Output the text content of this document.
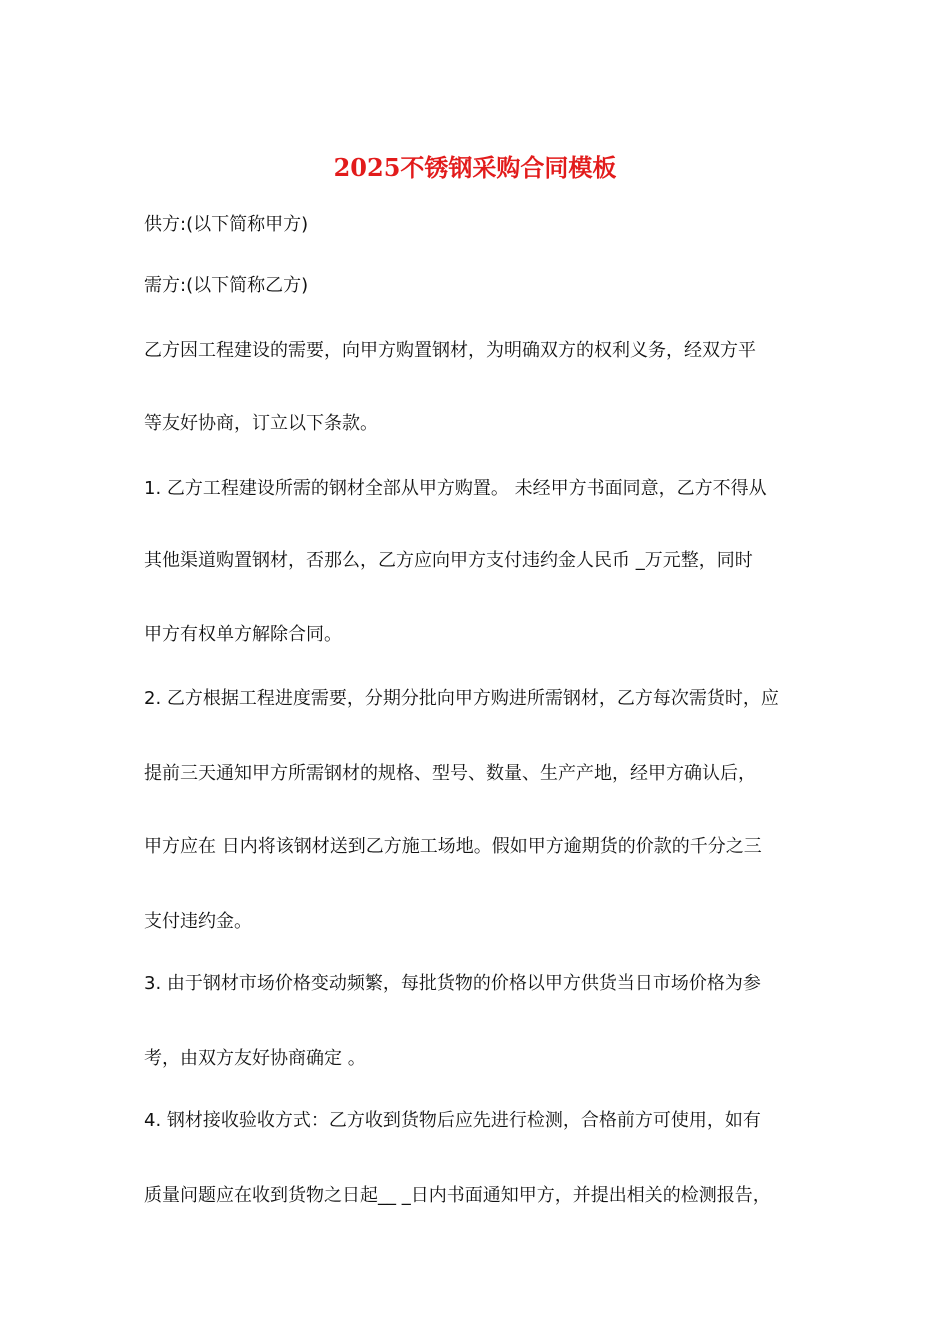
2025不锈钢采购合同模板

供方:(以下简称甲方)

需方:(以下简称乙方)

乙方因工程建设的需要，向甲方购置钢材，为明确双方的权利义务，经双方平

等友好协商，订立以下条款。

1. 乙方工程建设所需的钢材全部从甲方购置。 未经甲方书面同意，乙方不得从

其他渠道购置钢材，否那么，乙方应向甲方支付违约金人民币 _万元整，同时

甲方有权单方解除合同。

2. 乙方根据工程进度需要，分期分批向甲方购进所需钢材，乙方每次需货时，应

提前三天通知甲方所需钢材的规格、型号、数量、生产产地，经甲方确认后，

甲方应在 日内将该钢材送到乙方施工场地。假如甲方逾期货的价款的千分之三

支付违约金。

3. 由于钢材市场价格变动频繁，每批货物的价格以甲方供货当日市场价格为参

考，由双方友好协商确定 。

4. 钢材接收验收方式：乙方收到货物后应先进行检测，合格前方可使用，如有

质量问题应在收到货物之日起__ _日内书面通知甲方，并提出相关的检测报告，
